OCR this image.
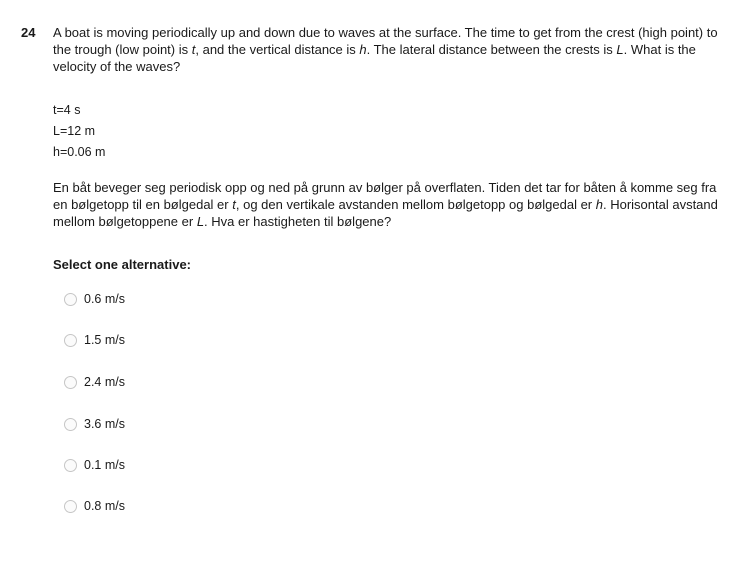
24 A boat is moving periodically up and down due to waves at the surface. The time to get from the crest (high point) to the trough (low point) is t, and the vertical distance is h. The lateral distance between the crests is L. What is the velocity of the waves?
t=4 s
L=12 m
h=0.06 m
En båt beveger seg periodisk opp og ned på grunn av bølger på overflaten. Tiden det tar for båten å komme seg fra en bølgetopp til en bølgedal er t, og den vertikale avstanden mellom bølgetopp og bølgedal er h. Horisontal avstand mellom bølgetoppene er L. Hva er hastigheten til bølgene?
Select one alternative:
0.6 m/s
1.5 m/s
2.4 m/s
3.6 m/s
0.1 m/s
0.8 m/s
